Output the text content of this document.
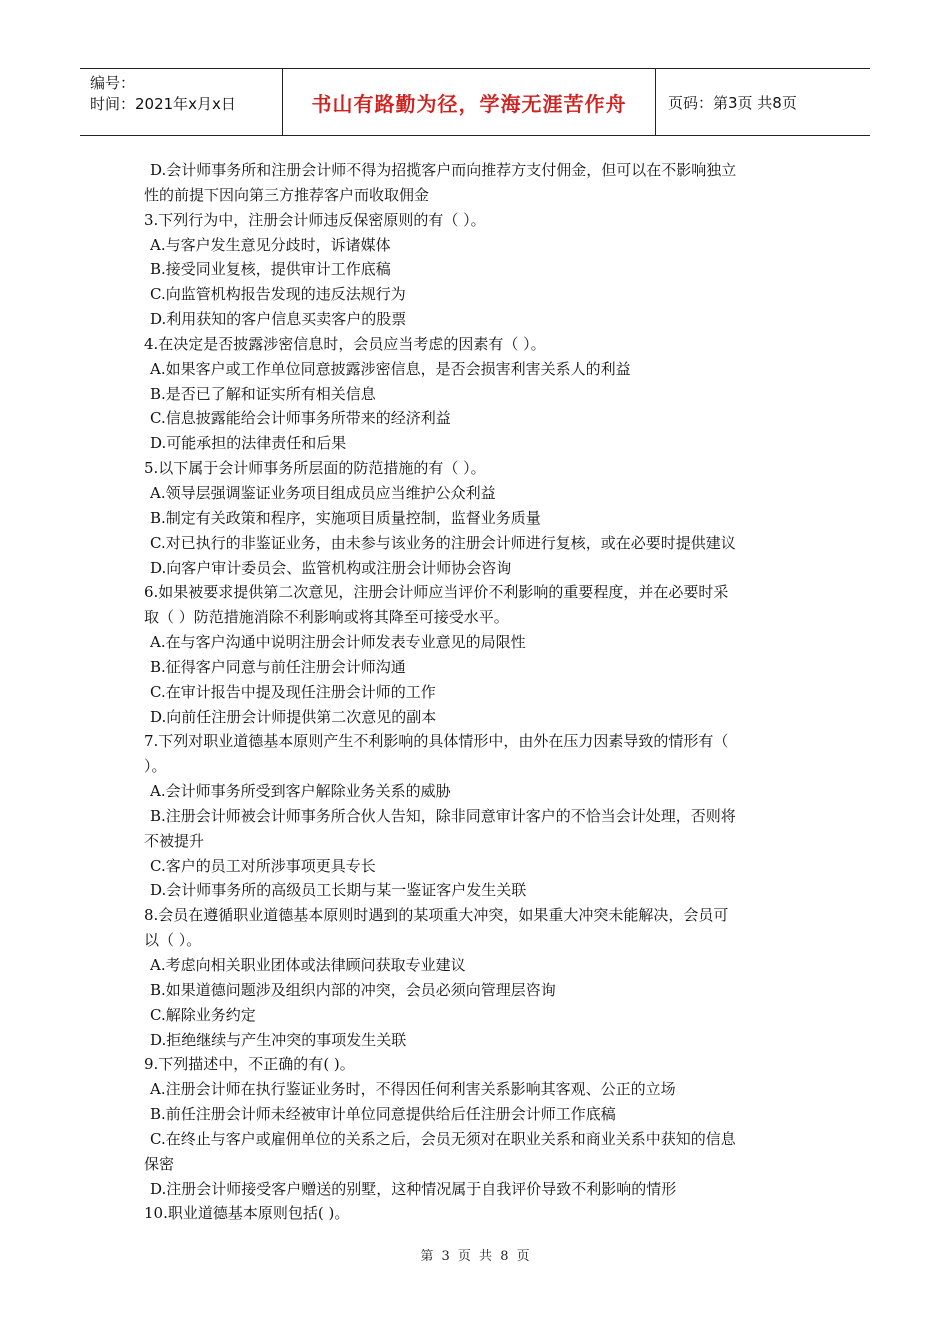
编号：
时间：2021年x月x日	书山有路勤为径，学海无涯苦作舟	页码：第3页 共8页
D.会计师事务所和注册会计师不得为招揽客户而向推荐方支付佣金，但可以在不影响独立
性的前提下因向第三方推荐客户而收取佣金
3.下列行为中，注册会计师违反保密原则的有（ ）。
A.与客户发生意见分歧时，诉诸媒体
B.接受同业复核，提供审计工作底稿
C.向监管机构报告发现的违反法规行为
D.利用获知的客户信息买卖客户的股票
4.在决定是否披露涉密信息时，会员应当考虑的因素有（ ）。
A.如果客户或工作单位同意披露涉密信息，是否会损害利害关系人的利益
B.是否已了解和证实所有相关信息
C.信息披露能给会计师事务所带来的经济利益
D.可能承担的法律责任和后果
5.以下属于会计师事务所层面的防范措施的有（ ）。
A.领导层强调鉴证业务项目组成员应当维护公众利益
B.制定有关政策和程序，实施项目质量控制，监督业务质量
C.对已执行的非鉴证业务，由未参与该业务的注册会计师进行复核，或在必要时提供建议
D.向客户审计委员会、监管机构或注册会计师协会咨询
6.如果被要求提供第二次意见，注册会计师应当评价不利影响的重要程度，并在必要时采
取（ ）防范措施消除不利影响或将其降至可接受水平。
A.在与客户沟通中说明注册会计师发表专业意见的局限性
B.征得客户同意与前任注册会计师沟通
C.在审计报告中提及现任注册会计师的工作
D.向前任注册会计师提供第二次意见的副本
7.下列对职业道德基本原则产生不利影响的具体情形中，由外在压力因素导致的情形有（
）。
A.会计师事务所受到客户解除业务关系的威胁
B.注册会计师被会计师事务所合伙人告知，除非同意审计客户的不恰当会计处理，否则将
不被提升
C.客户的员工对所涉事项更具专长
D.会计师事务所的高级员工长期与某一鉴证客户发生关联
8.会员在遵循职业道德基本原则时遇到的某项重大冲突，如果重大冲突未能解决，会员可
以（ ）。
A.考虑向相关职业团体或法律顾问获取专业建议
B.如果道德问题涉及组织内部的冲突，会员必须向管理层咨询
C.解除业务约定
D.拒绝继续与产生冲突的事项发生关联
9.下列描述中，不正确的有( )。
A.注册会计师在执行鉴证业务时，不得因任何利害关系影响其客观、公正的立场
B.前任注册会计师未经被审计单位同意提供给后任注册会计师工作底稿
C.在终止与客户或雇佣单位的关系之后，会员无须对在职业关系和商业关系中获知的信息
保密
D.注册会计师接受客户赠送的别墅，这种情况属于自我评价导致不利影响的情形
10.职业道德基本原则包括( )。
第 3 页 共 8 页
